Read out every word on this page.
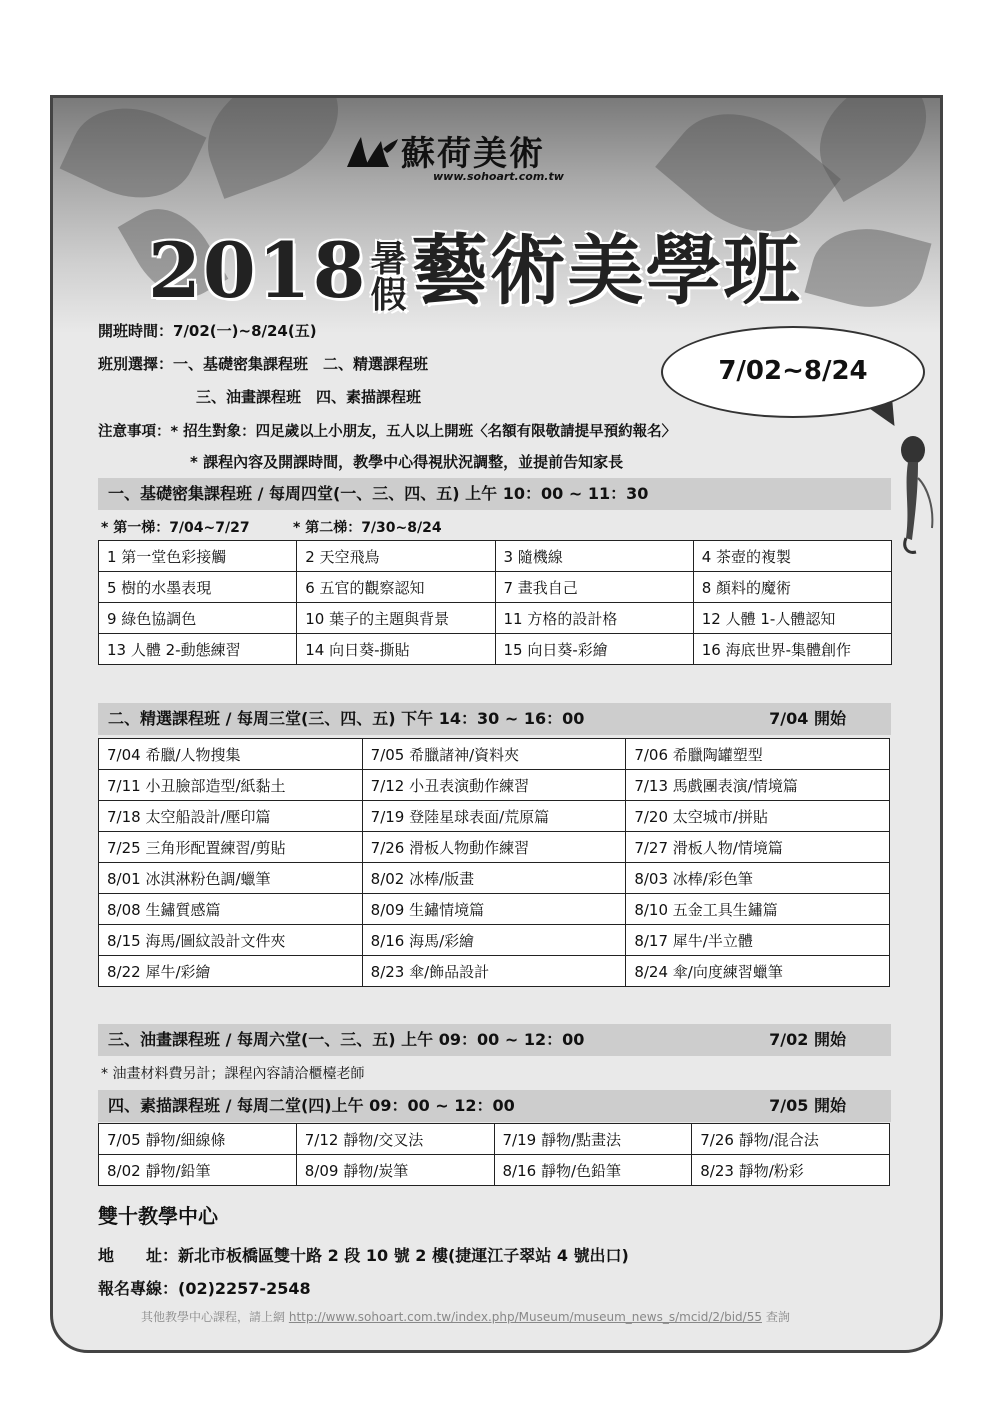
蘇荷美術
www.sohoart.com.tw
2018暑
假藝術美學班
開班時間：7/02(一)~8/24(五)
班別選擇：一、基礎密集課程班　二、精選課程班
三、油畫課程班　四、素描課程班
注意事項：* 招生對象：四足歲以上小朋友，五人以上開班〈名額有限敬請提早預約報名〉
* 課程內容及開課時間，教學中心得視狀況調整，並提前告知家長
7/02~8/24
一、基礎密集課程班 / 每周四堂(一、三、四、五) 上午 10：00 ~ 11：30
* 第一梯：7/04~7/27	* 第二梯：7/30~8/24
1 第一堂色彩接觸	2 天空飛鳥	3 隨機線	4 茶壺的複製
5 樹的水墨表現	6 五官的觀察認知	7 畫我自己	8 顏料的魔術
9 綠色協調色	10 葉子的主題與背景	11 方格的設計格	12 人體 1-人體認知
13 人體 2-動態練習	14 向日葵-撕貼	15 向日葵-彩繪	16 海底世界-集體創作
二、精選課程班 / 每周三堂(三、四、五) 下午 14：30 ~ 16：00	7/04 開始
7/04 希臘/人物搜集	7/05 希臘諸神/資料夾	7/06 希臘陶罐塑型
7/11 小丑臉部造型/紙黏土	7/12 小丑表演動作練習	7/13 馬戲團表演/情境篇
7/18 太空船設計/壓印篇	7/19 登陸星球表面/荒原篇	7/20 太空城市/拼貼
7/25 三角形配置練習/剪貼	7/26 滑板人物動作練習	7/27 滑板人物/情境篇
8/01 冰淇淋粉色調/蠟筆	8/02 冰棒/版畫	8/03 冰棒/彩色筆
8/08 生鏽質感篇	8/09 生鏽情境篇	8/10 五金工具生鏽篇
8/15 海馬/圖紋設計文件夾	8/16 海馬/彩繪	8/17 犀牛/半立體
8/22 犀牛/彩繪	8/23 傘/飾品設計	8/24 傘/向度練習蠟筆
三、油畫課程班 / 每周六堂(一、三、五) 上午 09：00 ~ 12：00	7/02 開始
* 油畫材料費另計；課程內容請洽櫃檯老師
四、素描課程班 / 每周二堂(四)上午 09：00 ~ 12：00	7/05 開始
7/05 靜物/細線條	7/12 靜物/交叉法	7/19 靜物/點畫法	7/26 靜物/混合法
8/02 靜物/鉛筆	8/09 靜物/炭筆	8/16 靜物/色鉛筆	8/23 靜物/粉彩
雙十教學中心
地　　址：新北市板橋區雙十路 2 段 10 號 2 樓(捷運江子翠站 4 號出口)
報名專線：(02)2257-2548
其他教學中心課程，請上網 http://www.sohoart.com.tw/index.php/Museum/museum_news_s/mcid/2/bid/55 查詢
